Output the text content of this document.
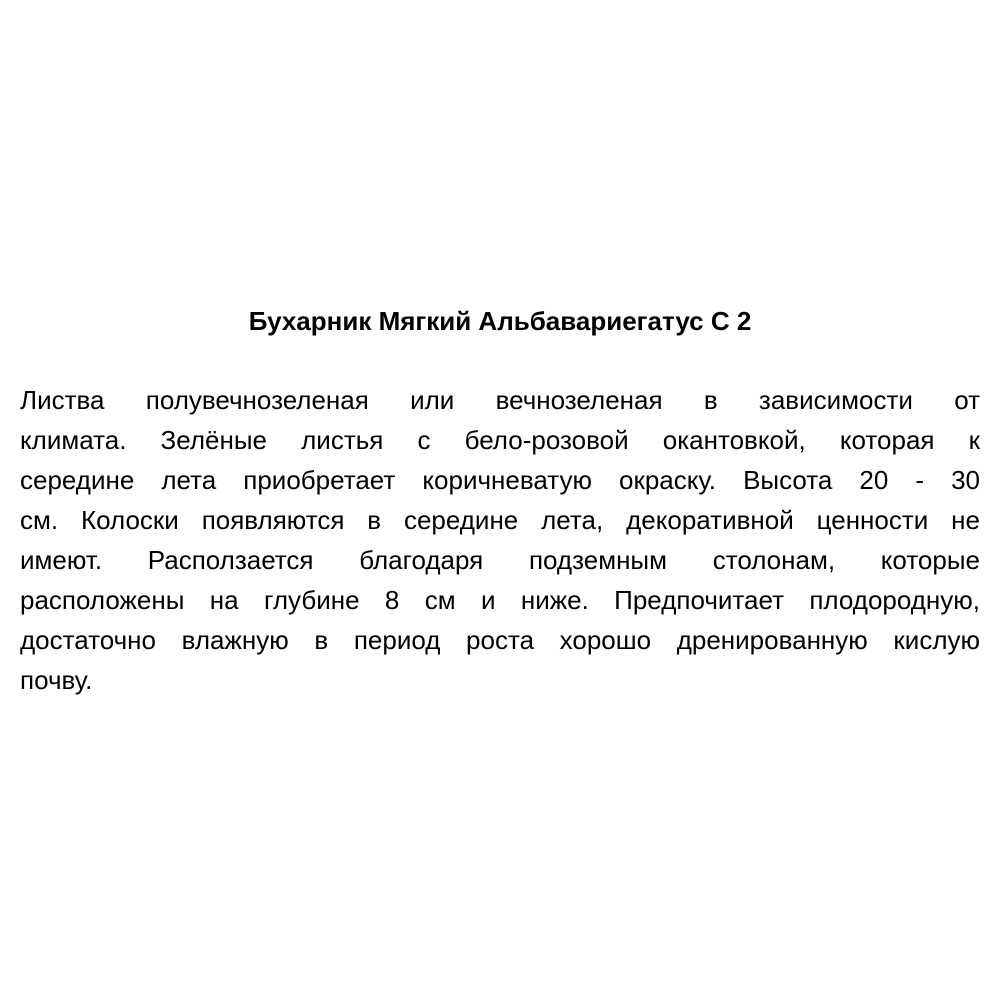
Бухарник Мягкий Альбавариегатус С 2
Листва полувечнозеленая или вечнозеленая в зависимости от
климата. Зелёные листья с бело-розовой окантовкой, которая к
середине лета приобретает коричневатую окраску. Высота 20 - 30
см. Колоски появляются в середине лета, декоративной ценности не
имеют. Расползается благодаря подземным столонам, которые
расположены на глубине 8 см и ниже. Предпочитает плодородную,
достаточно влажную в период роста хорошо дренированную кислую
почву.
